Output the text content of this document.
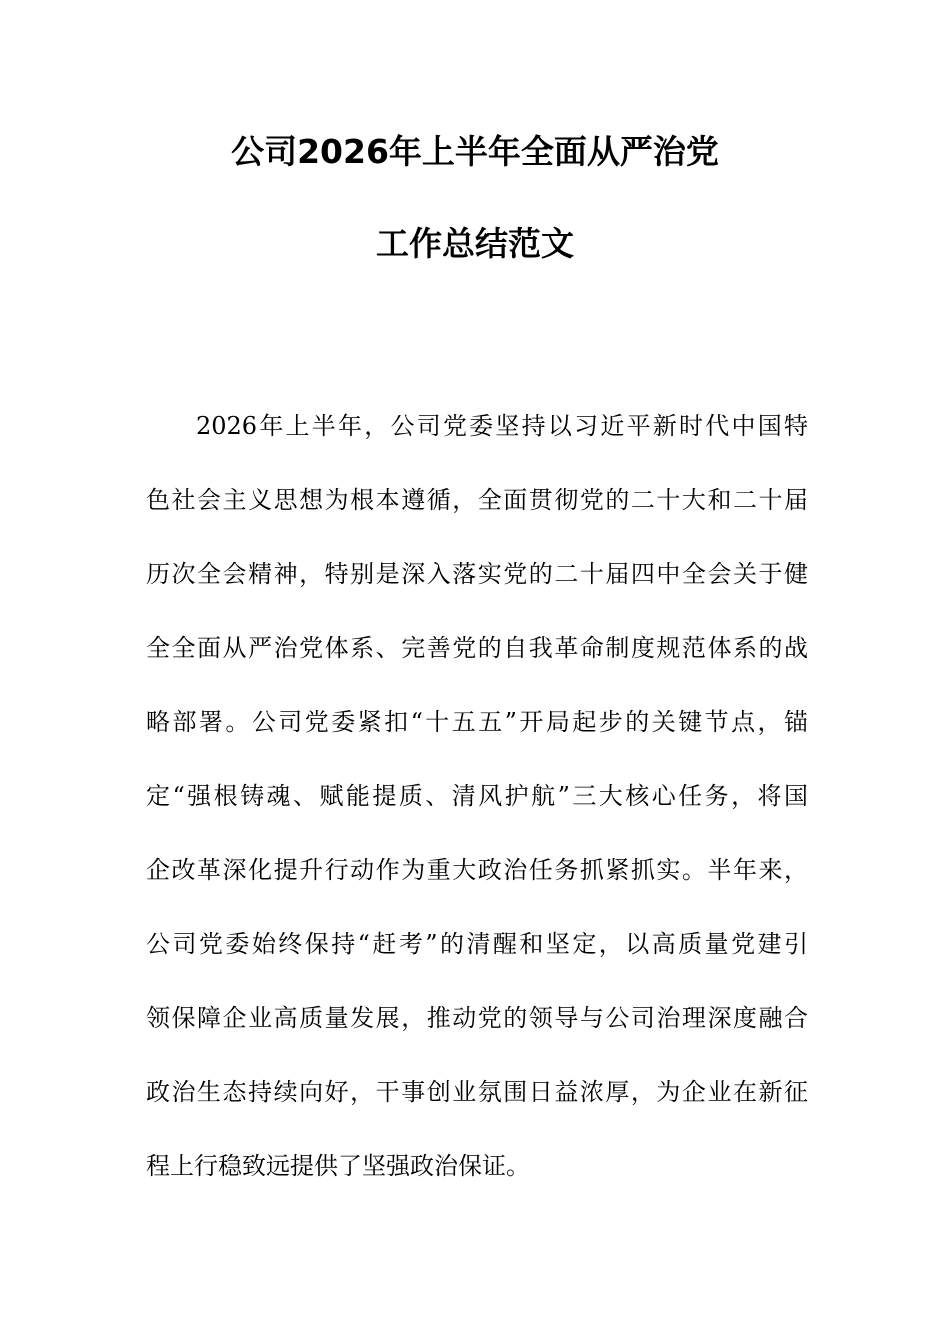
公司2026年上半年全面从严治党
工作总结范文
2026年上半年，公司党委坚持以习近平新时代中国特
色社会主义思想为根本遵循，全面贯彻党的二十大和二十届
历次全会精神，特别是深入落实党的二十届四中全会关于健
全全面从严治党体系、完善党的自我革命制度规范体系的战
略部署。公司党委紧扣“十五五”开局起步的关键节点，锚
定“强根铸魂、赋能提质、清风护航”三大核心任务，将国
企改革深化提升行动作为重大政治任务抓紧抓实。半年来，
公司党委始终保持“赶考”的清醒和坚定，以高质量党建引
领保障企业高质量发展，推动党的领导与公司治理深度融合
政治生态持续向好，干事创业氛围日益浓厚，为企业在新征
程上行稳致远提供了坚强政治保证。
